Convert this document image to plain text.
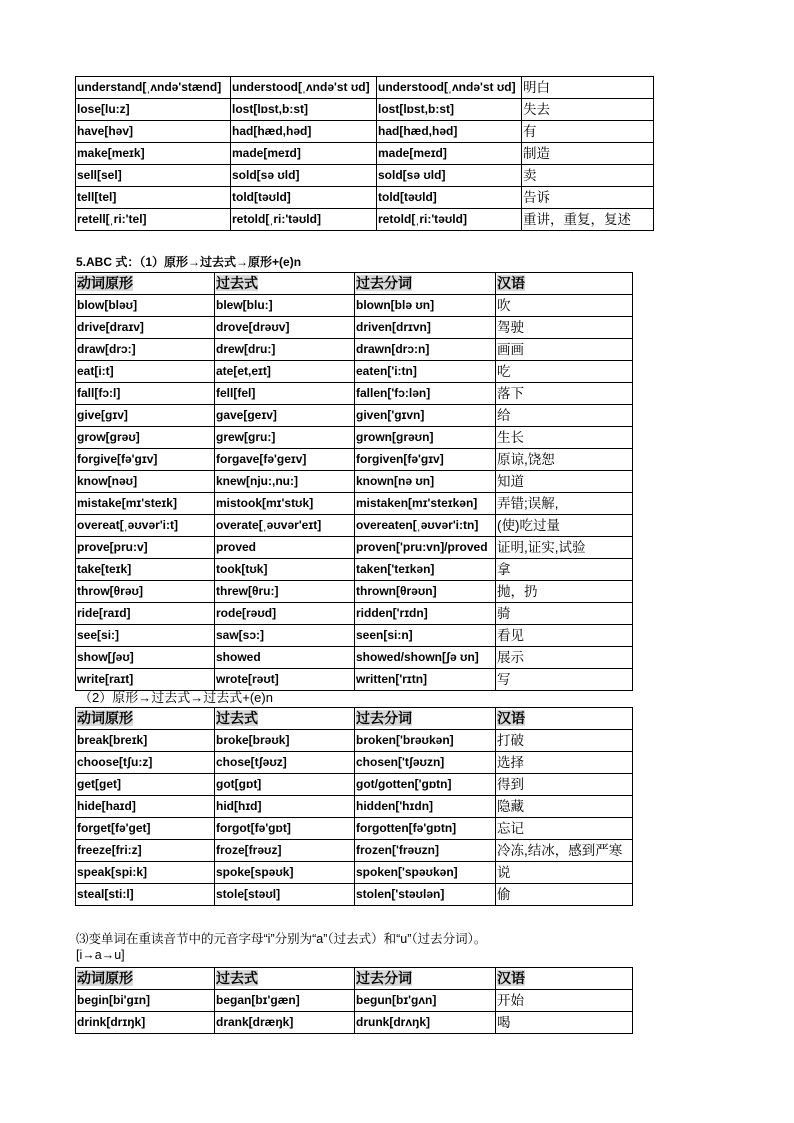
understand[ˌʌndə'stænd]	understood[ˌʌndə'st ʊd]	understood[ˌʌndə'st ʊd]	明白
lose[lu:z]	lost[lɒst,b:st]	lost[lɒst,b:st]	失去
have[həv]	had[hæd,həd]	had[hæd,həd]	有
make[meɪk]	made[meɪd]	made[meɪd]	制造
sell[sel]	sold[sə ʊld]	sold[sə ʊld]	卖
tell[tel]	told[təʊld]	told[təʊld]	告诉
retell[ˌri:'tel]	retold[ˌri:'təʊld]	retold[ˌri:'təʊld]	重讲，重复，复述
5.ABC 式：（1）原形→过去式→原形+(e)n
动词原形	过去式	过去分词	汉语
blow[bləʊ]	blew[blu:]	blown[blə ʊn]	吹
drive[draɪv]	drove[drəʊv]	driven[drɪvn]	驾驶
draw[drɔ:]	drew[dru:]	drawn[drɔ:n]	画画
eat[i:t]	ate[et,eɪt]	eaten['i:tn]	吃
fall[fɔ:l]	fell[fel]	fallen['fɔ:lən]	落下
give[gɪv]	gave[geɪv]	given['gɪvn]	给
grow[grəʊ]	grew[gru:]	grown[grəʊn]	生长
forgive[fə'gɪv]	forgave[fə'geɪv]	forgiven[fə'gɪv]	原谅,饶恕
know[nəʊ]	knew[nju:,nu:]	known[nə ʊn]	知道
mistake[mɪ'steɪk]	mistook[mɪ'stʊk]	mistaken[mɪ'steɪkən]	弄错;误解,
overeat[ˌəʊvər'i:t]	overate[ˌəʊvər'eɪt]	overeaten[ˌəʊvər'i:tn]	(使)吃过量
prove[pru:v]	proved	proven['pru:vn]/proved	证明,证实,试验
take[teɪk]	took[tʊk]	taken['teɪkən]	拿
throw[θrəʊ]	threw[θru:]	thrown[θrəʊn]	抛，扔
ride[raɪd]	rode[rəʊd]	ridden['rɪdn]	骑
see[si:]	saw[sɔ:]	seen[si:n]	看见
show[ʃəʊ]	showed	showed/shown[ʃə ʊn]	展示
write[raɪt]	wrote[rəʊt]	written['rɪtn]	写
（2）原形→过去式→过去式+(e)n
动词原形	过去式	过去分词	汉语
break[breɪk]	broke[brəʊk]	broken['brəʊkən]	打破
choose[tʃu:z]	chose[tʃəʊz]	chosen['tʃəʊzn]	选择
get[get]	got[gɒt]	got/gotten['gɒtn]	得到
hide[haɪd]	hid[hɪd]	hidden['hɪdn]	隐藏
forget[fə'get]	forgot[fə'gɒt]	forgotten[fə'gɒtn]	忘记
freeze[fri:z]	froze[frəʊz]	frozen['frəʊzn]	冷冻,结冰，感到严寒
speak[spi:k]	spoke[spəʊk]	spoken['spəʊkən]	说
steal[sti:l]	stole[stəʊl]	stolen['stəʊlən]	偷
⑶变单词在重读音节中的元音字母“i”分别为“a”（过去式）和“u”（过去分词）。
[i→a→u]
动词原形	过去式	过去分词	汉语
begin[bi'gɪn]	began[bɪ'gæn]	begun[bɪ'gʌn]	开始
drink[drɪŋk]	drank[dræŋk]	drunk[drʌŋk]	喝
